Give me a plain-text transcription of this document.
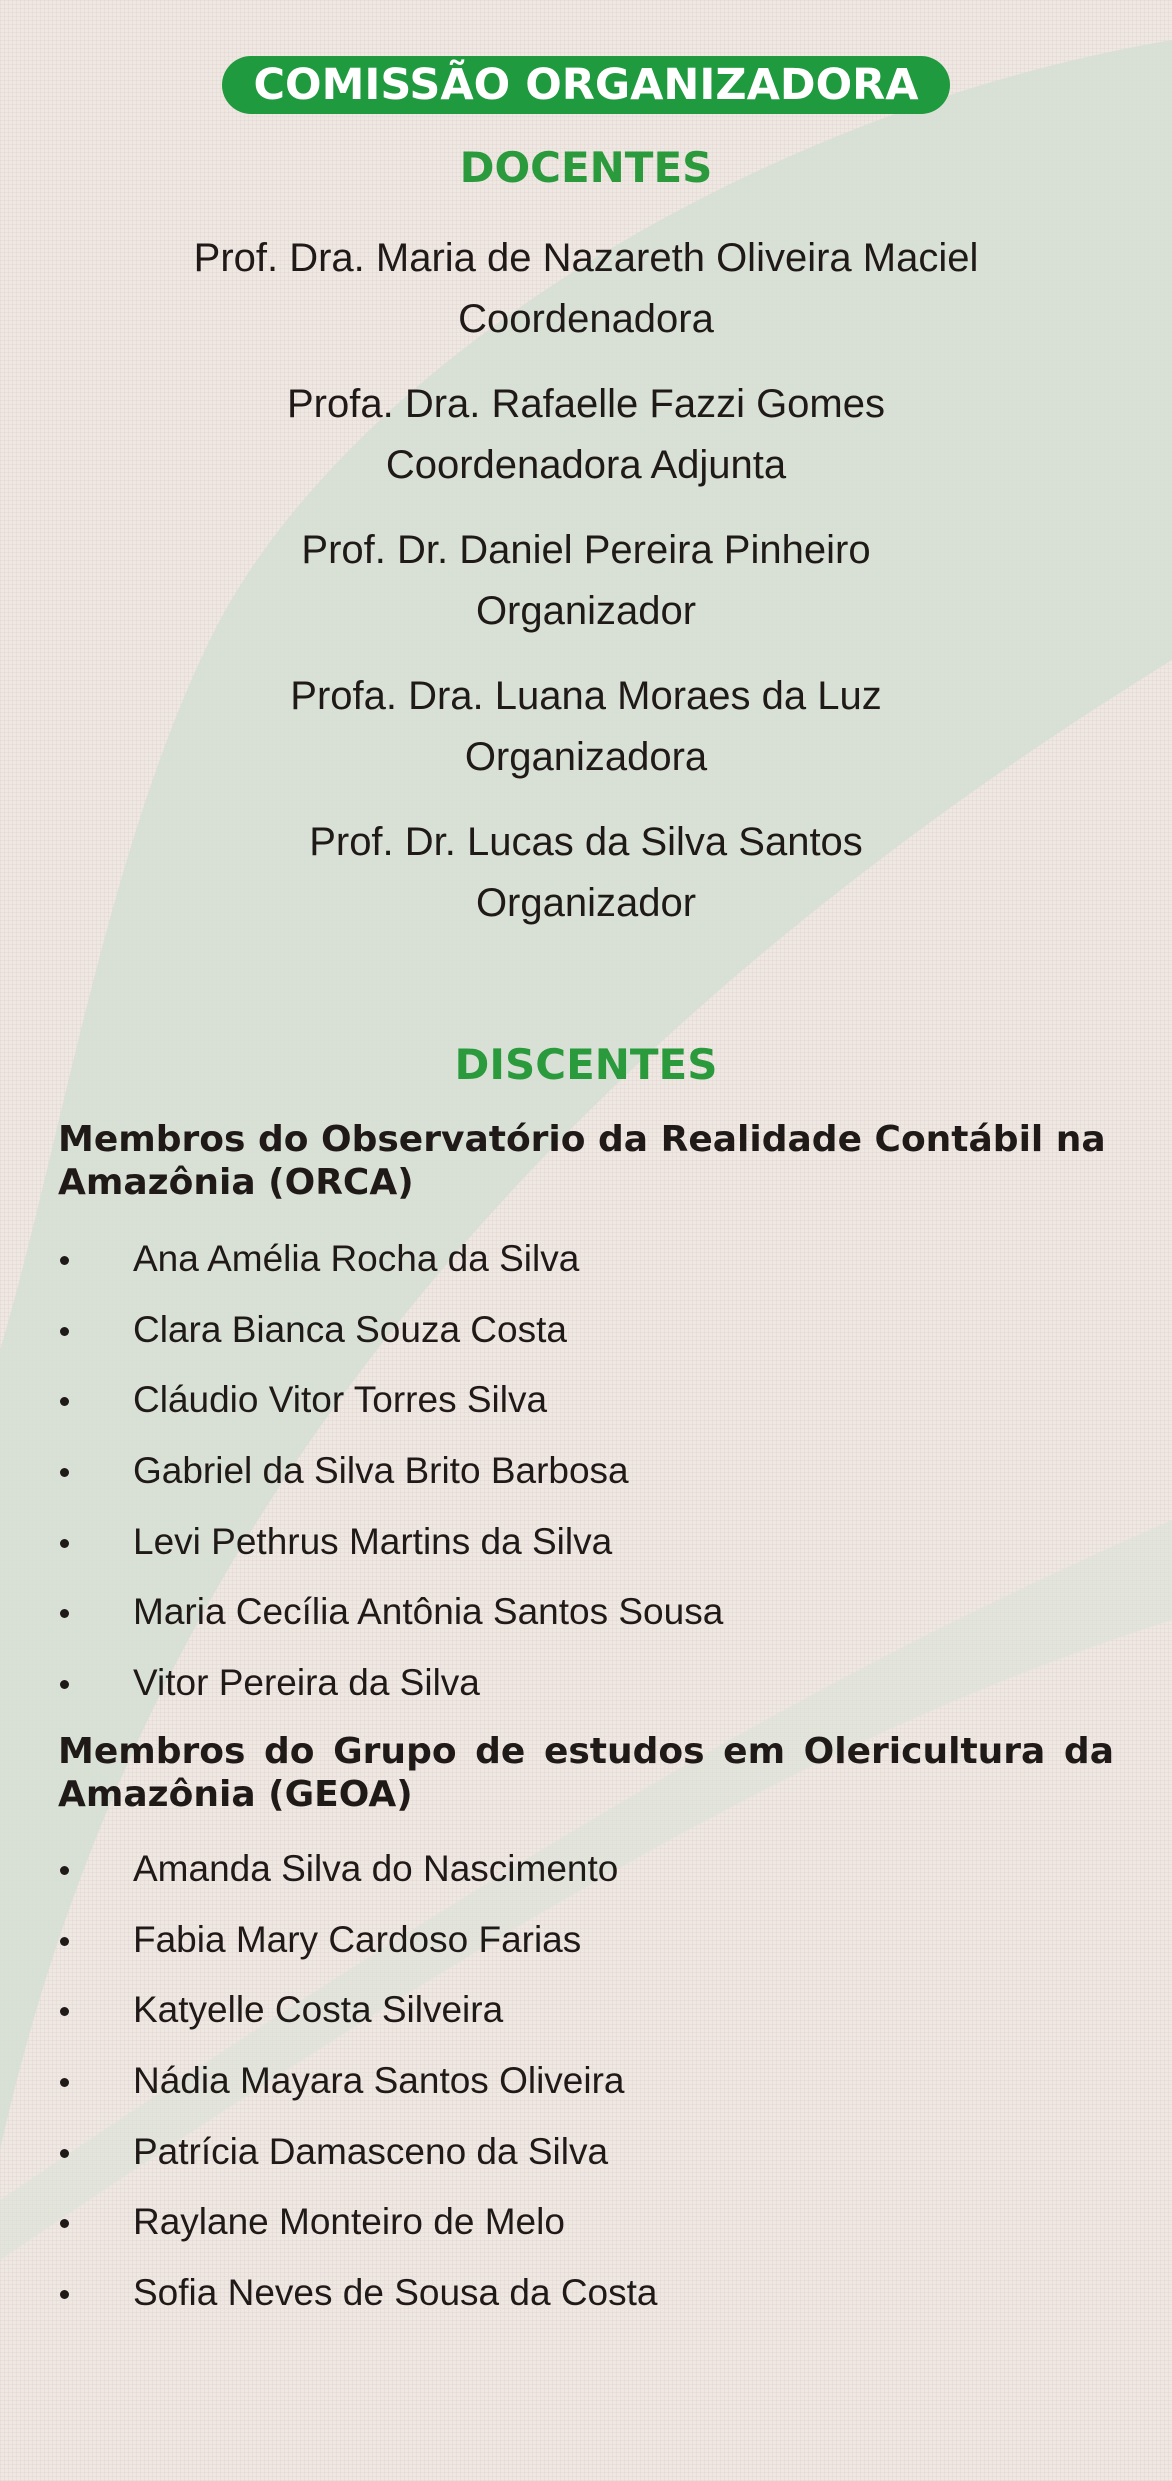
COMISSÃO ORGANIZADORA
DOCENTES
Prof. Dra. Maria de Nazareth Oliveira Maciel
Coordenadora
Profa. Dra. Rafaelle Fazzi Gomes
Coordenadora Adjunta
Prof. Dr. Daniel Pereira Pinheiro
Organizador
Profa. Dra. Luana Moraes da Luz
Organizadora
Prof. Dr. Lucas da Silva Santos
Organizador
DISCENTES
Membros do Observatório da Realidade Contábil na Amazônia (ORCA)
Ana Amélia Rocha da Silva
Clara Bianca Souza Costa
Cláudio Vitor Torres Silva
Gabriel da Silva Brito Barbosa
Levi Pethrus Martins da Silva
Maria Cecília Antônia Santos Sousa
Vitor Pereira da Silva
Membros do Grupo de estudos em Olericultura da Amazônia (GEOA)
Amanda Silva do Nascimento
Fabia Mary Cardoso Farias
Katyelle Costa Silveira
Nádia Mayara Santos Oliveira
Patrícia Damasceno da Silva
Raylane Monteiro de Melo
Sofia Neves de Sousa da Costa
